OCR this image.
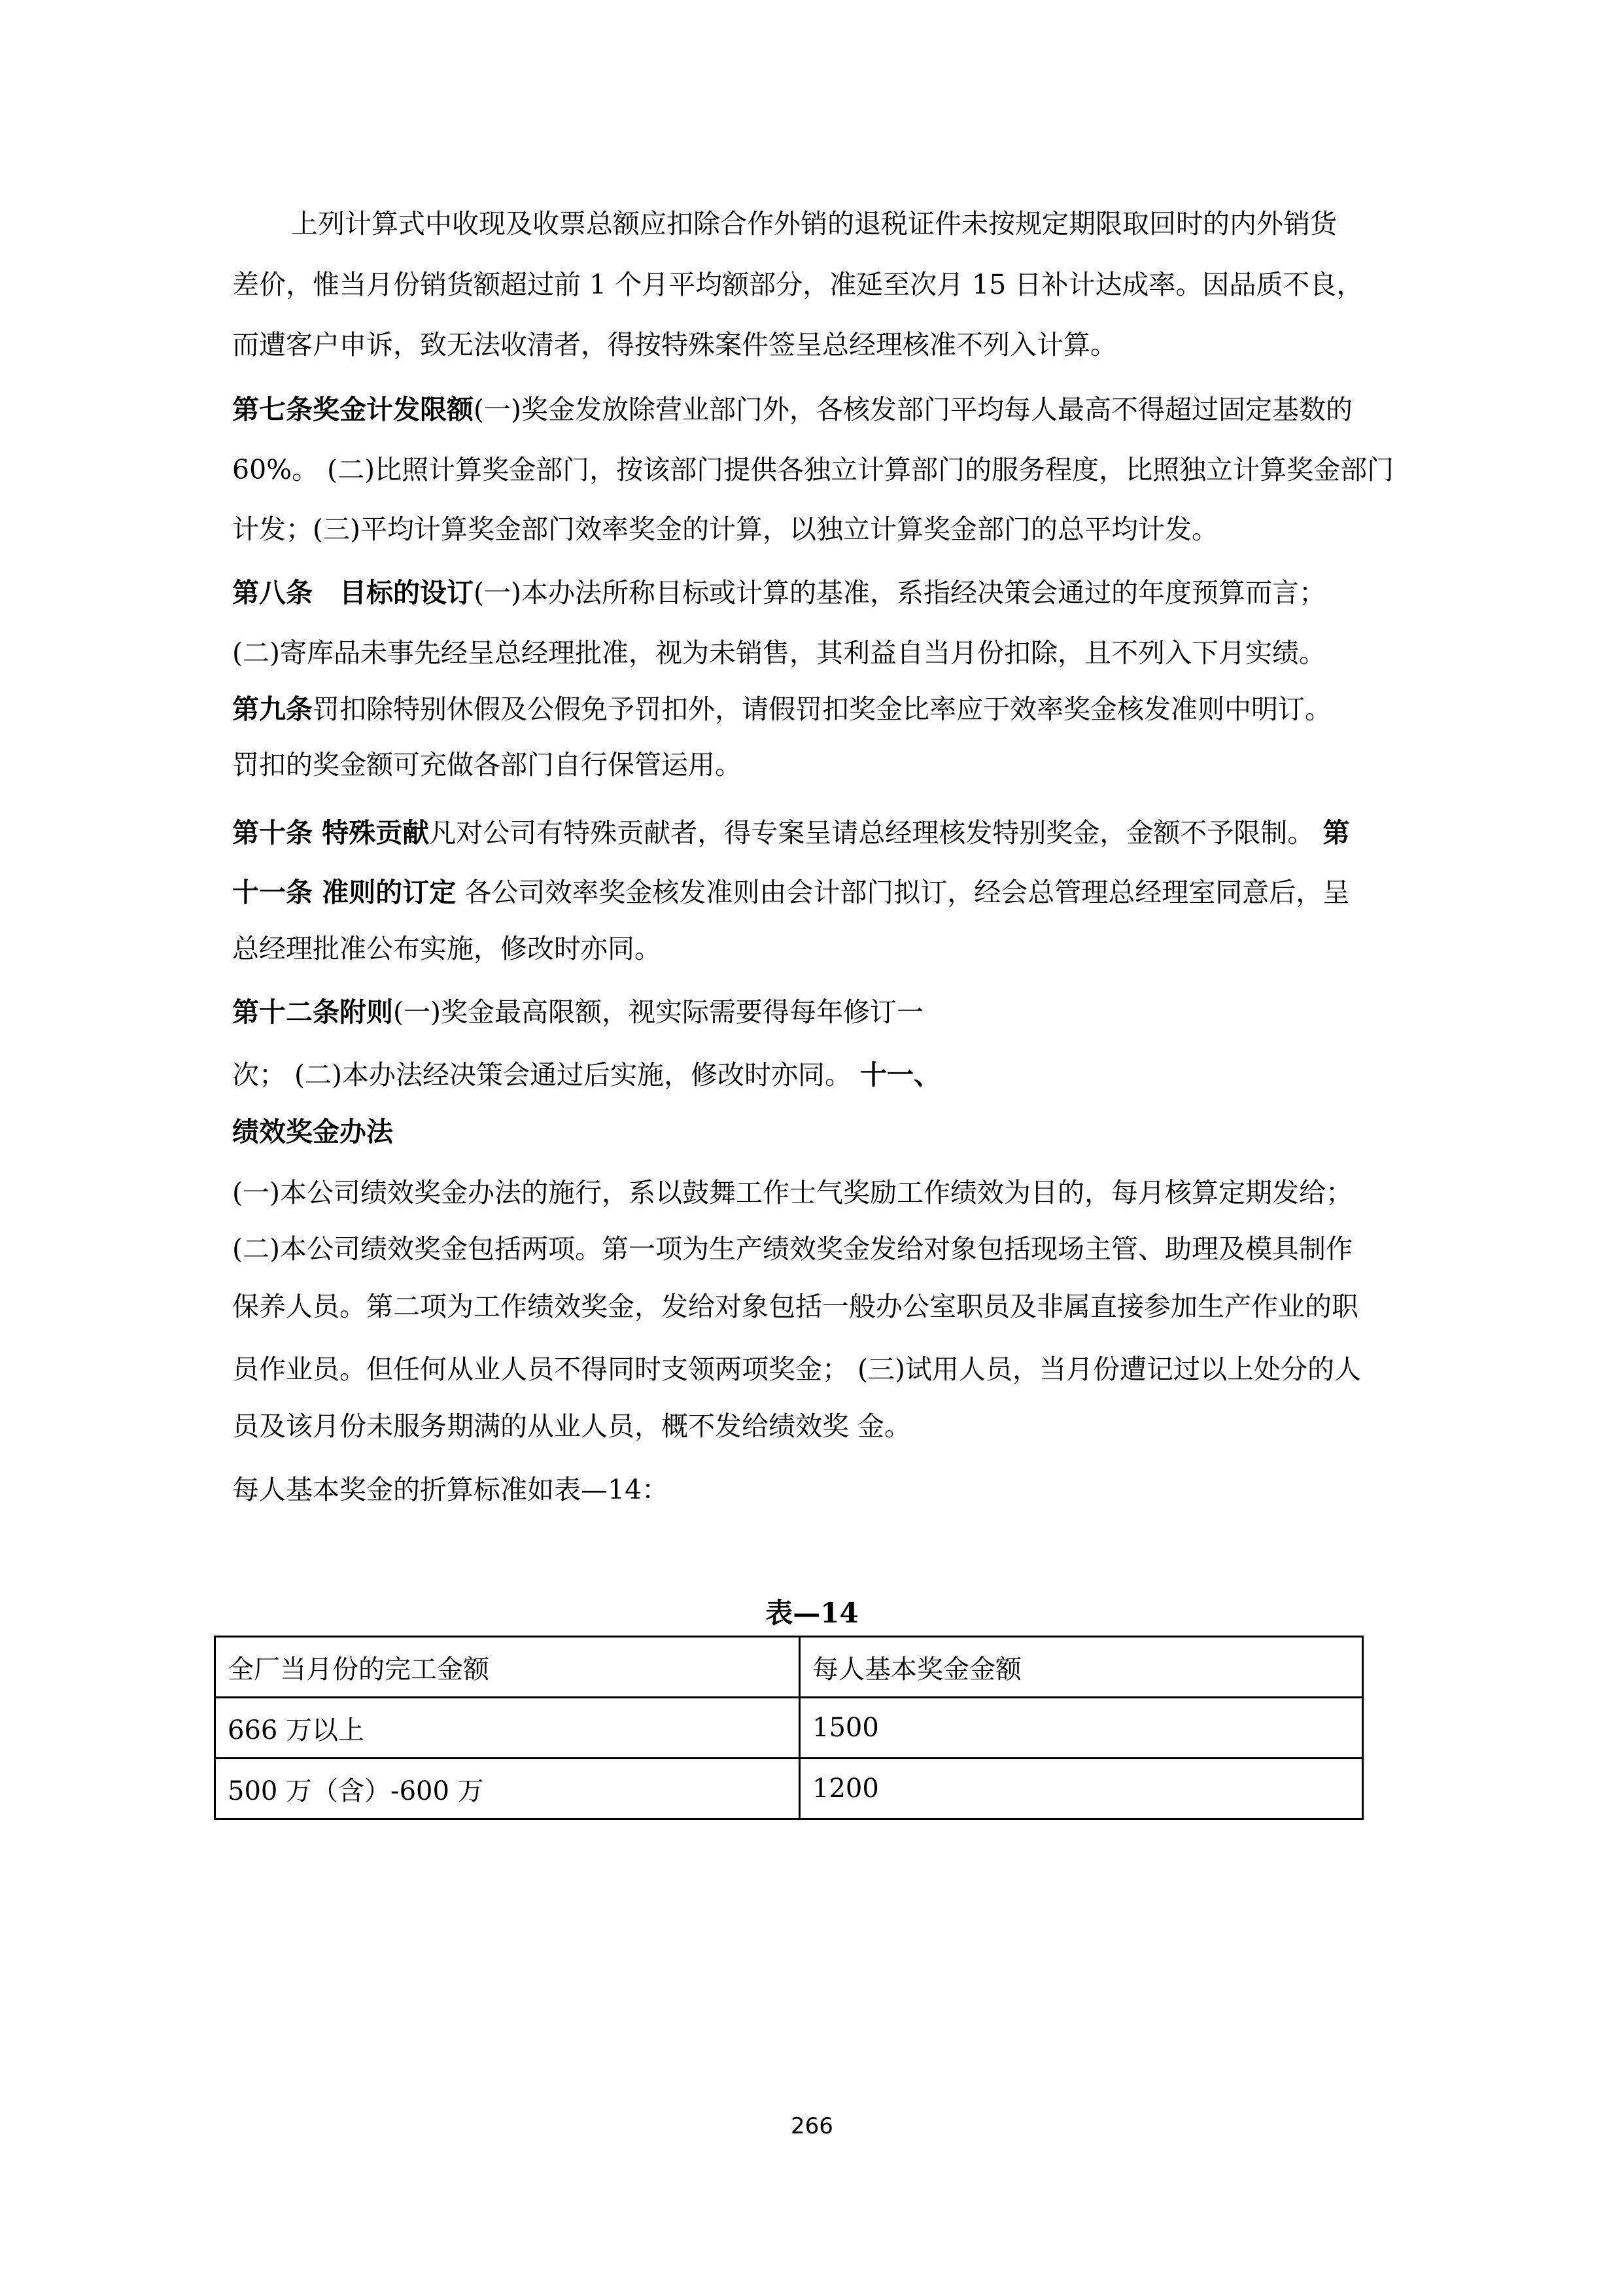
上列计算式中收现及收票总额应扣除合作外销的退税证件未按规定期限取回时的内外销货
差价，惟当月份销货额超过前 1 个月平均额部分，准延至次月 15 日补计达成率。因品质不良，
而遭客户申诉，致无法收清者，得按特殊案件签呈总经理核准不列入计算。
第七条奖金计发限额(一)奖金发放除营业部门外，各核发部门平均每人最高不得超过固定基数的
60%。 (二)比照计算奖金部门，按该部门提供各独立计算部门的服务程度，比照独立计算奖金部门
计发；(三)平均计算奖金部门效率奖金的计算，以独立计算奖金部门的总平均计发。
第八条　目标的设订(一)本办法所称目标或计算的基准，系指经决策会通过的年度预算而言；
(二)寄库品未事先经呈总经理批准，视为未销售，其利益自当月份扣除，且不列入下月实绩。
第九条罚扣除特别休假及公假免予罚扣外，请假罚扣奖金比率应于效率奖金核发准则中明订。
罚扣的奖金额可充做各部门自行保管运用。
第十条 特殊贡献凡对公司有特殊贡献者，得专案呈请总经理核发特别奖金，金额不予限制。 第
十一条 准则的订定 各公司效率奖金核发准则由会计部门拟订，经会总管理总经理室同意后，呈
总经理批准公布实施，修改时亦同。
第十二条附则(一)奖金最高限额，视实际需要得每年修订一
次； (二)本办法经决策会通过后实施，修改时亦同。 十一、
绩效奖金办法
(一)本公司绩效奖金办法的施行，系以鼓舞工作士气奖励工作绩效为目的，每月核算定期发给；
(二)本公司绩效奖金包括两项。第一项为生产绩效奖金发给对象包括现场主管、助理及模具制作
保养人员。第二项为工作绩效奖金，发给对象包括一般办公室职员及非属直接参加生产作业的职
员作业员。但任何从业人员不得同时支领两项奖金； (三)试用人员，当月份遭记过以上处分的人
员及该月份未服务期满的从业人员，概不发给绩效奖 金。
每人基本奖金的折算标准如表—14：
表—14
全厂当月份的完工金额	每人基本奖金金额
666 万以上	1500
500 万（含）-600 万	1200
266
